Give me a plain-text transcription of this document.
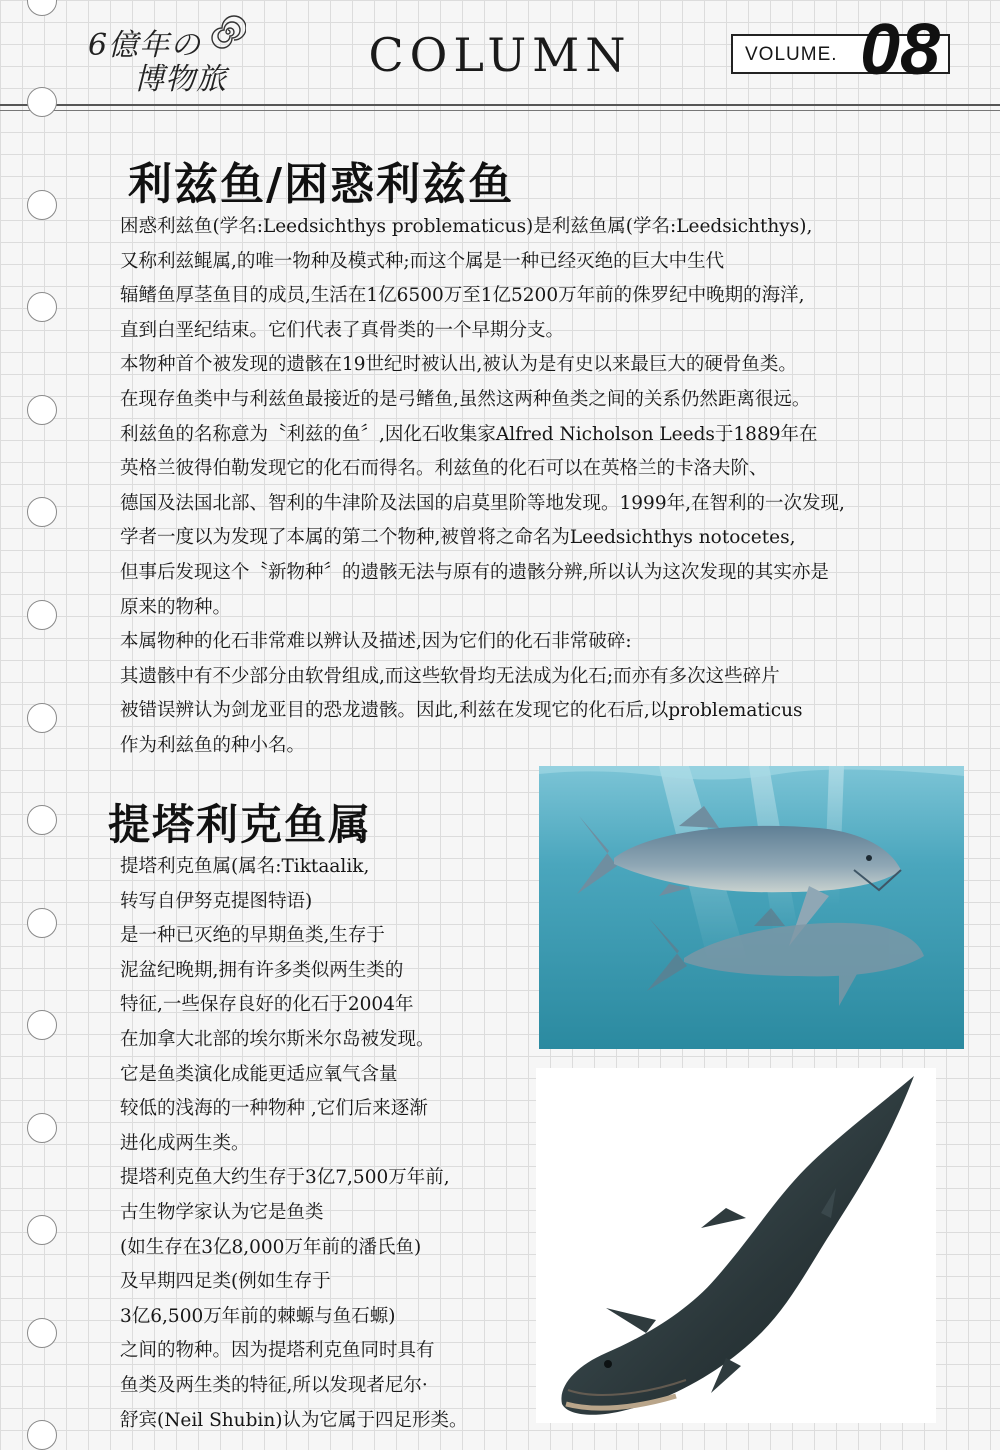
6億年の
博物旅	COLUMN	VOLUME. 08
利兹鱼/困惑利兹鱼
困惑利兹鱼(学名:Leedsichthys problematicus)是利兹鱼属(学名:Leedsichthys),
又称利兹鲲属,的唯一物种及模式种;而这个属是一种已经灭绝的巨大中生代
辐鳍鱼厚茎鱼目的成员,生活在1亿6500万至1亿5200万年前的侏罗纪中晚期的海洋,
直到白垩纪结束。它们代表了真骨类的一个早期分支。
本物种首个被发现的遗骸在19世纪时被认出,被认为是有史以来最巨大的硬骨鱼类。
在现存鱼类中与利兹鱼最接近的是弓鳍鱼,虽然这两种鱼类之间的关系仍然距离很远。
利兹鱼的名称意为〝利兹的鱼〞,因化石收集家Alfred Nicholson Leeds于1889年在
英格兰彼得伯勒发现它的化石而得名。利兹鱼的化石可以在英格兰的卡洛夫阶、
德国及法国北部、智利的牛津阶及法国的启莫里阶等地发现。1999年,在智利的一次发现,
学者一度以为发现了本属的第二个物种,被曾将之命名为Leedsichthys notocetes,
但事后发现这个〝新物种〞的遗骸无法与原有的遗骸分辨,所以认为这次发现的其实亦是
原来的物种。
本属物种的化石非常难以辨认及描述,因为它们的化石非常破碎:
其遗骸中有不少部分由软骨组成,而这些软骨均无法成为化石;而亦有多次这些碎片
被错误辨认为剑龙亚目的恐龙遗骸。因此,利兹在发现它的化石后,以problematicus
作为利兹鱼的种小名。
提塔利克鱼属
提塔利克鱼属(属名:Tiktaalik,
转写自伊努克提图特语)
是一种已灭绝的早期鱼类,生存于
泥盆纪晚期,拥有许多类似两生类的
特征,一些保存良好的化石于2004年
在加拿大北部的埃尔斯米尔岛被发现。
它是鱼类演化成能更适应氧气含量
较低的浅海的一种物种 ,它们后来逐渐
进化成两生类。
提塔利克鱼大约生存于3亿7,500万年前,
古生物学家认为它是鱼类
(如生存在3亿8,000万年前的潘氏鱼)
及早期四足类(例如生存于
3亿6,500万年前的棘螈与鱼石螈)
之间的物种。因为提塔利克鱼同时具有
鱼类及两生类的特征,所以发现者尼尔·
舒宾(Neil Shubin)认为它属于四足形类。
